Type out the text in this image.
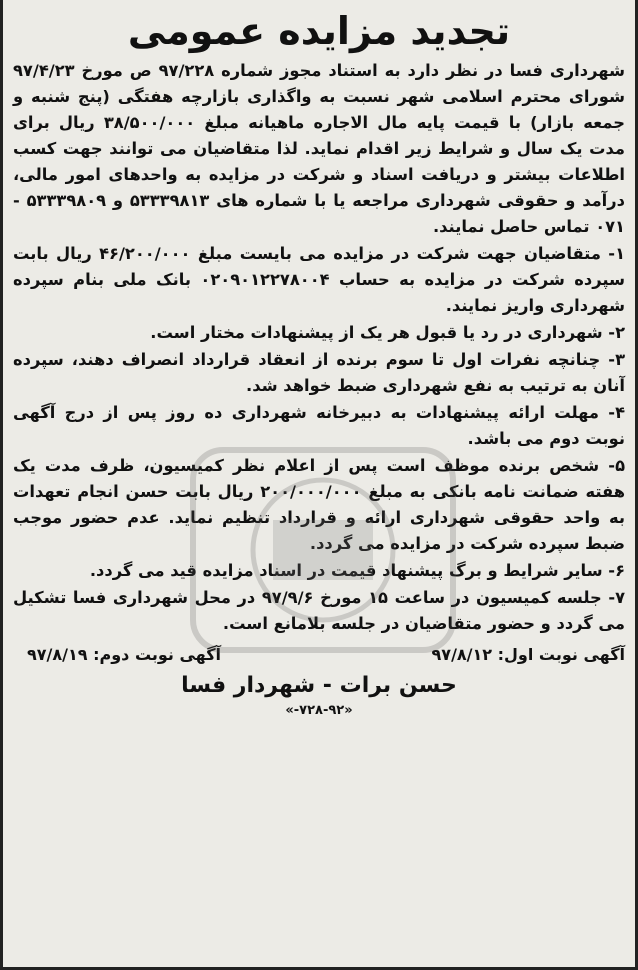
تجدید مزایده عمومی

شهرداری فسا در نظر دارد به استناد مجوز شماره ۹۷/۲۲۸ ص مورخ ۹۷/۴/۲۳ شورای محترم اسلامی شهر نسبت به واگذاری بازارچه هفتگی (پنج شنبه و جمعه بازار) با قیمت پایه مال الاجاره ماهیانه مبلغ ۳۸/۵۰۰/۰۰۰ ریال برای مدت یک سال و شرایط زیر اقدام نماید. لذا متقاضیان می توانند جهت کسب اطلاعات بیشتر و دریافت اسناد و شرکت در مزایده به واحدهای امور مالی، درآمد و حقوقی شهرداری مراجعه یا با شماره های ۵۳۳۳۹۸۱۳ و ۵۳۳۳۹۸۰۹ - ۰۷۱ تماس حاصل نمایند.

۱- متقاضیان جهت شرکت در مزایده می بایست مبلغ ۴۶/۲۰۰/۰۰۰ ریال بابت سپرده شرکت در مزایده به حساب ۰۲۰۹۰۱۲۲۷۸۰۰۴ بانک ملی بنام سپرده شهرداری واریز نمایند.

۲- شهرداری در رد یا قبول هر یک از پیشنهادات مختار است.

۳- چنانچه نفرات اول تا سوم برنده از انعقاد قرارداد انصراف دهند، سپرده آنان به ترتیب به نفع شهرداری ضبط خواهد شد.

۴- مهلت ارائه پیشنهادات به دبیرخانه شهرداری ده روز پس از درج آگهی نوبت دوم می باشد.

۵- شخص برنده موظف است پس از اعلام نظر کمیسیون، ظرف مدت یک هفته ضمانت نامه بانکی به مبلغ ۲۰۰/۰۰۰/۰۰۰ ریال بابت حسن انجام تعهدات به واحد حقوقی شهرداری ارائه و قرارداد تنظیم نماید. عدم حضور موجب ضبط سپرده شرکت در مزایده می گردد.

۶- سایر شرایط و برگ پیشنهاد قیمت در اسناد مزایده قید می گردد.

۷- جلسه کمیسیون در ساعت ۱۵ مورخ ۹۷/۹/۶ در محل شهرداری فسا تشکیل می گردد و حضور متقاضیان در جلسه بلامانع است.

آگهی نوبت اول: ۹۷/۸/۱۲
آگهی نوبت دوم: ۹۷/۸/۱۹
حسن برات - شهردار فسا
«۷۲۸-۹۲-»
